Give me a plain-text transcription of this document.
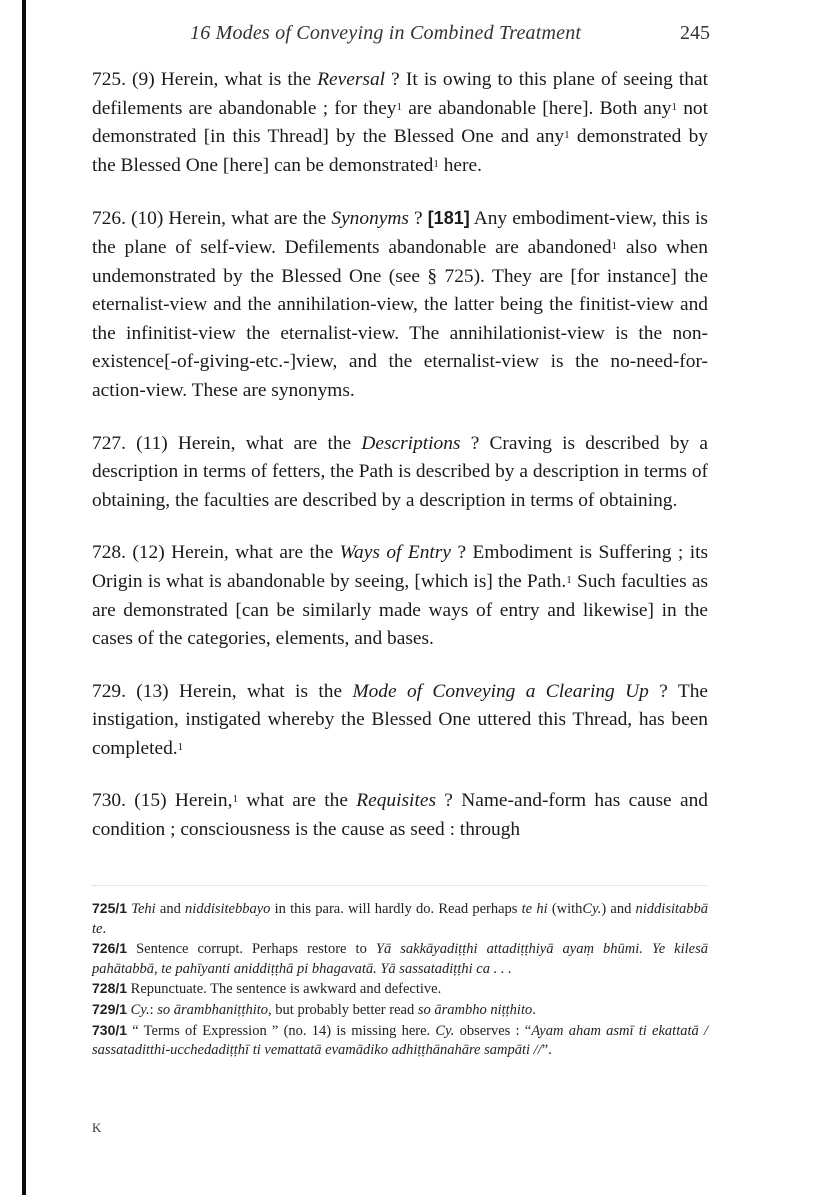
16 Modes of Conveying in Combined Treatment	245

725. (9) Herein, what is the Reversal ? It is owing to this plane of seeing that defilements are abandonable ; for they$^1$ are abandonable [here]. Both any$^1$ not demonstrated [in this Thread] by the Blessed One and any$^1$ demonstrated by the Blessed One [here] can be demonstrated$^1$ here.

726. (10) Herein, what are the Synonyms ? [181] Any embodiment-view, this is the plane of self-view. Defilements abandonable are abandoned$^1$ also when undemonstrated by the Blessed One (see § 725). They are [for instance] the eternalist-view and the annihilation-view, the latter being the finitist-view and the infinitist-view the eternalist-view. The annihilationist-view is the non-existence[-of-giving-etc.-]view, and the eternalist-view is the no-need-for-action-view. These are synonyms.

727. (11) Herein, what are the Descriptions ? Craving is described by a description in terms of fetters, the Path is described by a description in terms of obtaining, the faculties are described by a description in terms of obtaining.

728. (12) Herein, what are the Ways of Entry ? Embodiment is Suffering ; its Origin is what is abandonable by seeing, [which is] the Path.$^1$ Such faculties as are demonstrated [can be similarly made ways of entry and likewise] in the cases of the categories, elements, and bases.

729. (13) Herein, what is the Mode of Conveying a Clearing Up ? The instigation, instigated whereby the Blessed One uttered this Thread, has been completed.$^1$

730. (15) Herein,$^1$ what are the Requisites ? Name-and-form has cause and condition ; consciousness is the cause as seed : through

725/1 Tehi and niddisitebbayo in this para. will hardly do. Read perhaps te hi (withCy.) and niddisitabbā te.

726/1 Sentence corrupt. Perhaps restore to Yā sakkāyadiṭṭhi attadiṭṭhiyā ayaṃ bhūmi. Ye kilesā pahātabbā, te pahīyanti aniddiṭṭhā pi bhagavatā. Yā sassatadiṭṭhi ca . . .

728/1 Repunctuate. The sentence is awkward and defective.

729/1 Cy.: so ārambhaniṭṭhito, but probably better read so ārambho niṭṭhito.

730/1 “ Terms of Expression ” (no. 14) is missing here. Cy. observes : “Ayam aham asmī ti ekattatā / sassataditthi-ucchedadiṭṭhī ti vemattatā evamādiko adhiṭṭhānahāre sampāti //”.

K
